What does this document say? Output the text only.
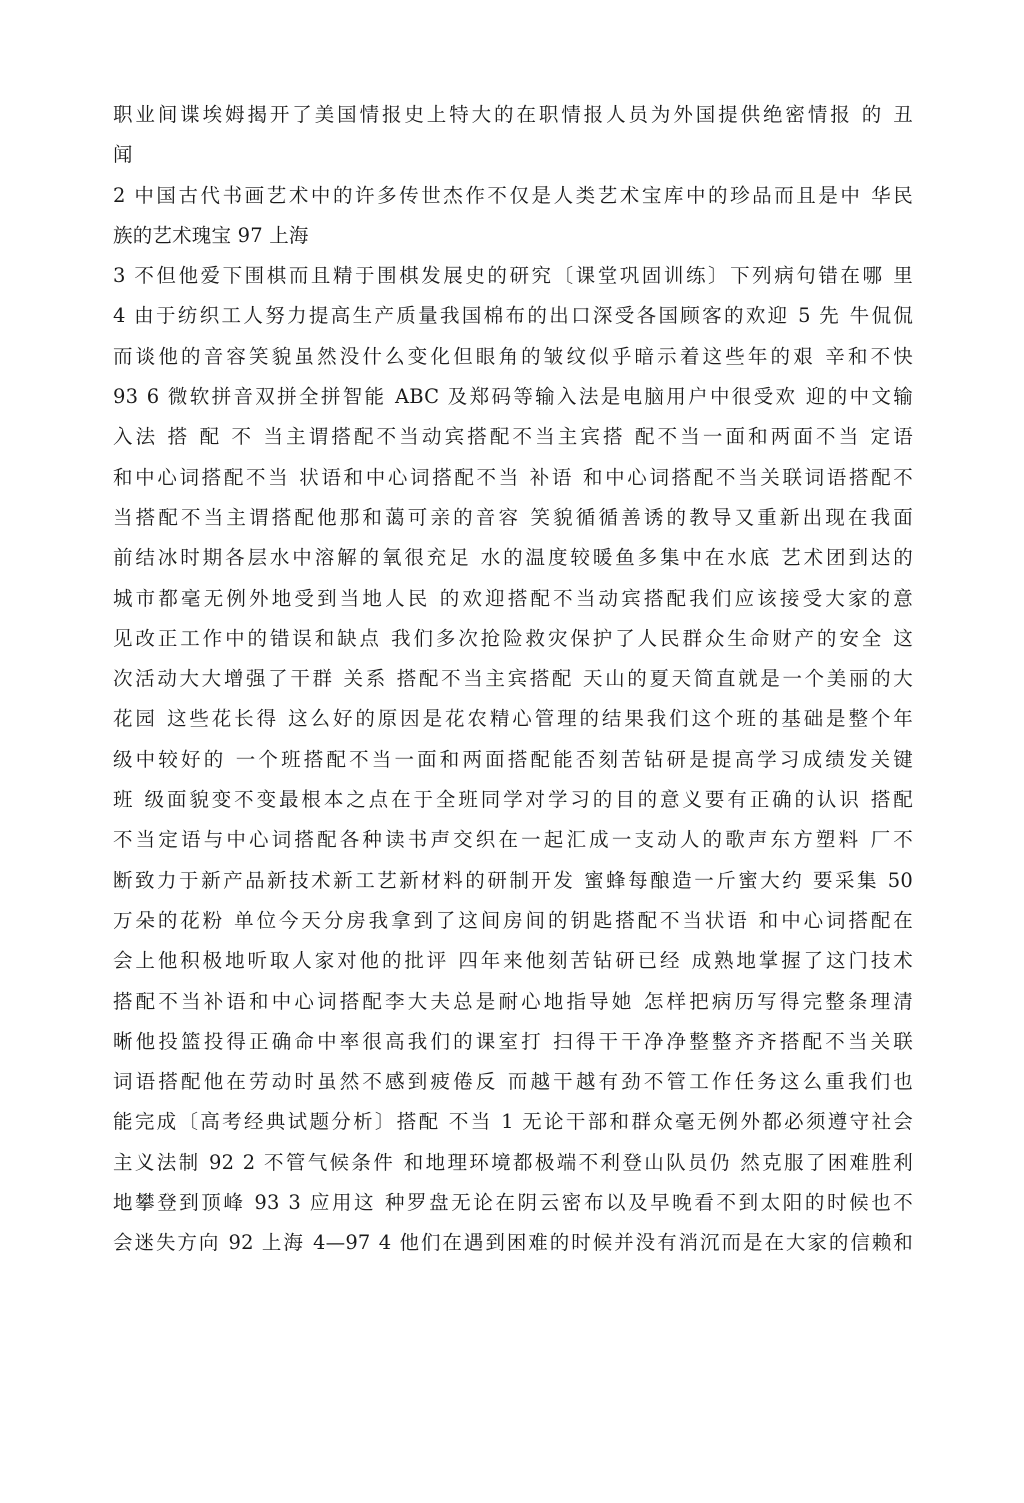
职业间谍埃姆揭开了美国情报史上特大的在职情报人员为外国提供绝密情报 的 丑
闻
2 中国古代书画艺术中的许多传世杰作不仅是人类艺术宝库中的珍品而且是中 华民
族的艺术瑰宝 97 上海
3 不但他爱下围棋而且精于围棋发展史的研究〔课堂巩固训练〕下列病句错在哪 里
4 由于纺织工人努力提高生产质量我国棉布的出口深受各国顾客的欢迎 5 先 牛侃侃
而谈他的音容笑貌虽然没什么变化但眼角的皱纹似乎暗示着这些年的艰 辛和不快
93 6 微软拼音双拼全拼智能 ABC 及郑码等输入法是电脑用户中很受欢 迎的中文输
入法 搭 配 不 当主谓搭配不当动宾搭配不当主宾搭 配不当一面和两面不当 定语
和中心词搭配不当 状语和中心词搭配不当 补语 和中心词搭配不当关联词语搭配不
当搭配不当主谓搭配他那和蔼可亲的音容 笑貌循循善诱的教导又重新出现在我面
前结冰时期各层水中溶解的氧很充足 水的温度较暖鱼多集中在水底 艺术团到达的
城市都毫无例外地受到当地人民 的欢迎搭配不当动宾搭配我们应该接受大家的意
见改正工作中的错误和缺点 我们多次抢险救灾保护了人民群众生命财产的安全 这
次活动大大增强了干群 关系 搭配不当主宾搭配 天山的夏天简直就是一个美丽的大
花园 这些花长得 这么好的原因是花农精心管理的结果我们这个班的基础是整个年
级中较好的 一个班搭配不当一面和两面搭配能否刻苦钻研是提高学习成绩发关键
班 级面貌变不变最根本之点在于全班同学对学习的目的意义要有正确的认识 搭配
不当定语与中心词搭配各种读书声交织在一起汇成一支动人的歌声东方塑料 厂不
断致力于新产品新技术新工艺新材料的研制开发 蜜蜂每酿造一斤蜜大约 要采集 50
万朵的花粉 单位今天分房我拿到了这间房间的钥匙搭配不当状语 和中心词搭配在
会上他积极地听取人家对他的批评 四年来他刻苦钻研已经 成熟地掌握了这门技术
搭配不当补语和中心词搭配李大夫总是耐心地指导她 怎样把病历写得完整条理清
晰他投篮投得正确命中率很高我们的课室打 扫得干干净净整整齐齐搭配不当关联
词语搭配他在劳动时虽然不感到疲倦反 而越干越有劲不管工作任务这么重我们也
能完成〔高考经典试题分析〕搭配 不当 1 无论干部和群众毫无例外都必须遵守社会
主义法制 92 2 不管气候条件 和地理环境都极端不利登山队员仍 然克服了困难胜利
地攀登到顶峰 93 3 应用这 种罗盘无论在阴云密布以及早晚看不到太阳的时候也不
会迷失方向 92 上海 4—97 4 他们在遇到困难的时候并没有消沉而是在大家的信赖和
